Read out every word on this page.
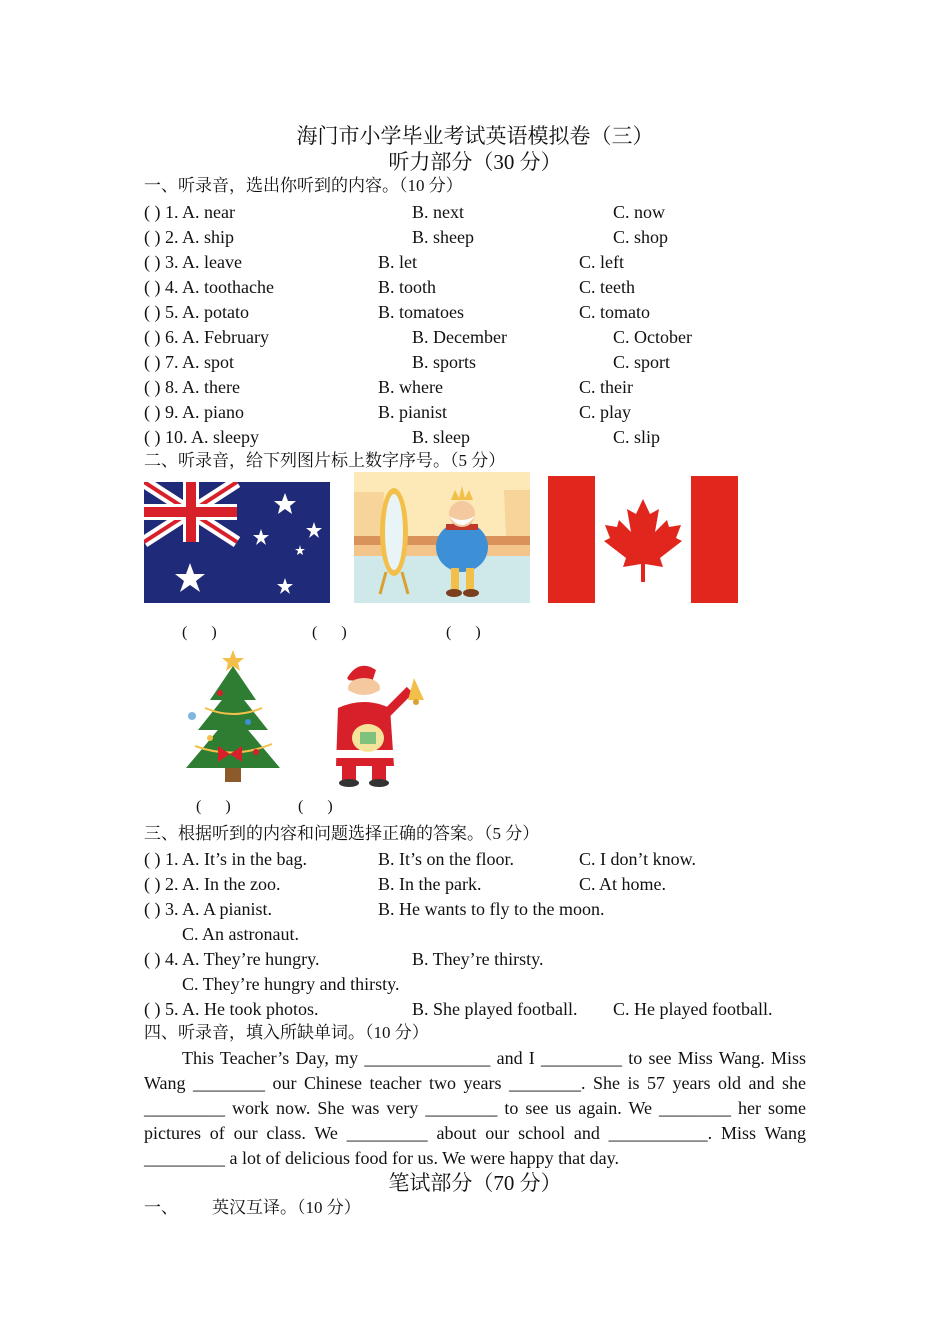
海门市小学毕业考试英语模拟卷（三）
听力部分（30 分）
一、听录音，选出你听到的内容。（10 分）
( ) 1. A. near	B. next	C. now
( ) 2. A. ship	B. sheep	C. shop
( ) 3. A. leave	B. let	C. left
( ) 4. A. toothache	B. tooth	C. teeth
( ) 5. A. potato	B. tomatoes	C. tomato
( ) 6. A. February	B. December	C. October
( ) 7. A. spot	B. sports	C. sport
( ) 8. A. there	B. where	C. their
( ) 9. A. piano	B. pianist	C. play
( ) 10. A. sleepy	B. sleep	C. slip
二、听录音，给下列图片标上数字序号。（5 分）
(      )	(      )	(      )
(      )	(      )
三、根据听到的内容和问题选择正确的答案。（5 分）
( ) 1. A. It’s in the bag.	B. It’s on the floor.	C. I don’t know.
( ) 2. A. In the zoo.	B. In the park.	C. At home.
( ) 3. A. A pianist.	B. He wants to fly to the moon.
C. An astronaut.
( ) 4. A. They’re hungry.	B. They’re thirsty.
C. They’re hungry and thirsty.
( ) 5. A. He took photos.	B. She played football. C. He played football.
四、听录音，填入所缺单词。（10 分）
This Teacher’s Day, my ______________ and I _________ to see Miss Wang. Miss Wang ________ our Chinese teacher two years ________. She is 57 years old and she _________ work now. She was very ________ to see us again. We ________ her some pictures of our class. We _________ about our school and ___________. Miss Wang _________ a lot of delicious food for us. We were happy that day.
笔试部分（70 分）
一、 英汉互译。（10 分）
